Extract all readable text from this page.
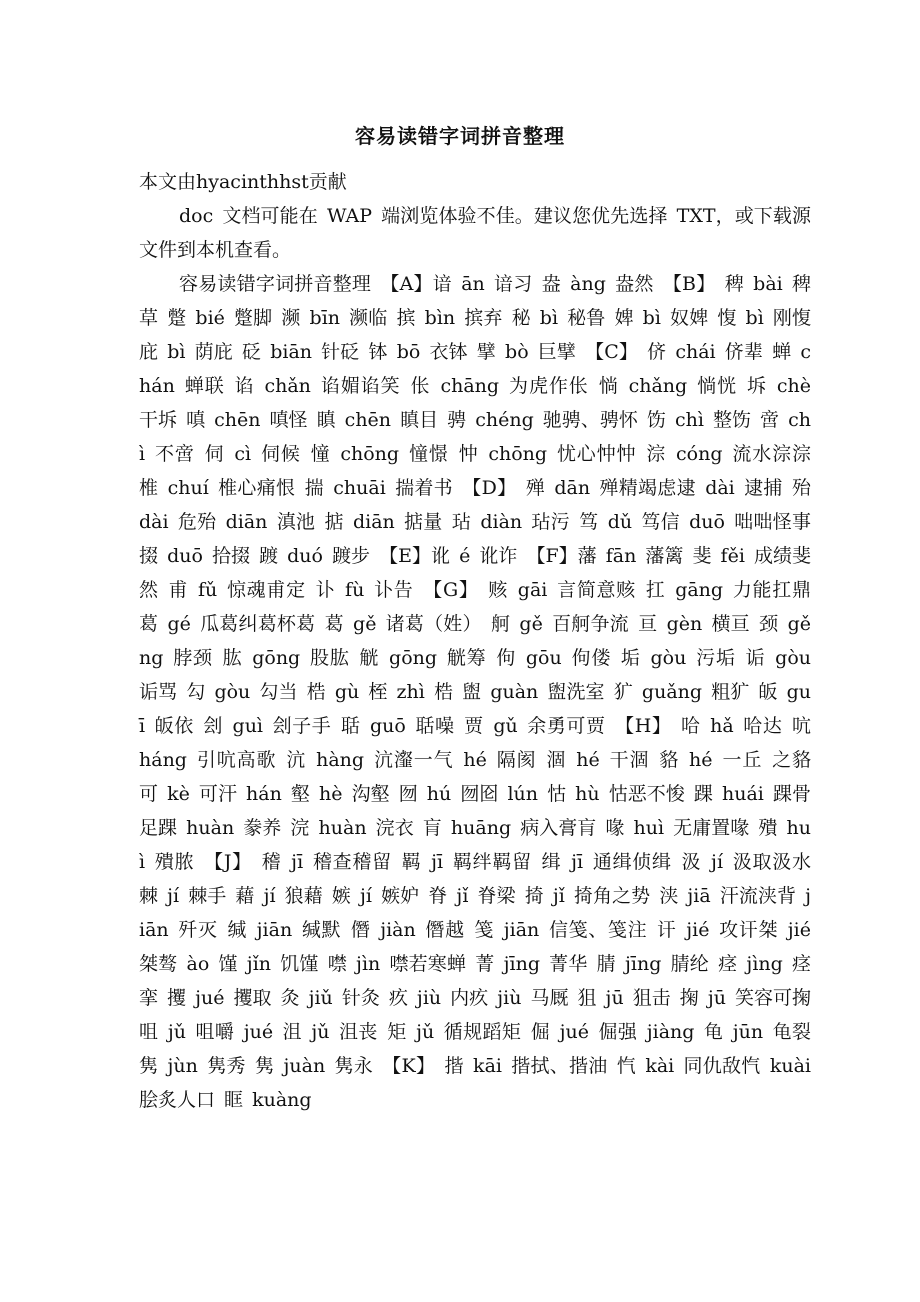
容易读错字词拼音整理

本文由hyacinthhst贡献

doc 文档可能在 WAP 端浏览体验不佳。建议您优先选择 TXT，或下载源文件到本机查看。

容易读错字词拼音整理 【A】谙 ān 谙习 盎 àng 盎然 【B】 稗 bài 稗草 蹩 bié 蹩脚 濒 bīn 濒临 摈 bìn 摈弃 秘 bì 秘鲁 婢 bì 奴婢 愎 bì 刚愎 庇 bì 荫庇 砭 biān 针砭 钵 bō 衣钵 擘 bò 巨擘 【C】 侪 chái 侪辈 蝉 chán 蝉联 谄 chǎn 谄媚谄笑 伥 chāng 为虎作伥 惝 chǎng 惝恍 坼 chè 干坼 嗔 chēn 嗔怪 瞋 chēn 瞋目 骋 chéng 驰骋、骋怀 饬 chì 整饬 啻 chì 不啻 伺 cì 伺候 憧 chōng 憧憬 忡 chōng 忧心忡忡 淙 cóng 流水淙淙 椎 chuí 椎心痛恨 揣 chuāi 揣着书 【D】 殚 dān 殚精竭虑逮 dài 逮捕 殆 dài 危殆 diān 滇池 掂 diān 掂量 玷 diàn 玷污 笃 dǔ 笃信 duō 咄咄怪事 掇 duō 拾掇 踱 duó 踱步 【E】讹 é 讹诈 【F】藩 fān 藩篱 斐 fěi 成绩斐然 甫 fǔ 惊魂甫定 讣 fù 讣告 【G】 赅 gāi 言简意赅 扛 gāng 力能扛鼎 葛 gé 瓜葛纠葛杯葛 葛 gě 诸葛（姓） 舸 gě 百舸争流 亘 gèn 横亘 颈 gěng 脖颈 肱 gōng 股肱 觥 gōng 觥筹 佝 gōu 佝偻 垢 gòu 污垢 诟 gòu 诟骂 勾 gòu 勾当 梏 gù 桎 zhì 梏 盥 guàn 盥洗室 犷 guǎng 粗犷 皈 guī 皈依 刽 guì 刽子手 聒 guō 聒噪 贾 gǔ 余勇可贾 【H】 哈 hǎ 哈达 吭 háng 引吭高歌 沆 hàng 沆瀣一气 hé 隔阂 涸 hé 干涸 貉 hé 一丘 之貉 可 kè 可汗 hán 壑 hè 沟壑 囫 hú 囫囵 lún 怙 hù 怙恶不悛 踝 huái 踝骨足踝 huàn 豢养 浣 huàn 浣衣 肓 huāng 病入膏肓 喙 huì 无庸置喙 殨 huì 殨脓 【J】 稽 jī 稽查稽留 羁 jī 羁绊羁留 缉 jī 通缉侦缉 汲 jí 汲取汲水 棘 jí 棘手 藉 jí 狼藉 嫉 jí 嫉妒 脊 jǐ 脊梁 掎 jǐ 掎角之势 浃 jiā 汗流浃背 jiān 歼灭 缄 jiān 缄默 僭 jiàn 僭越 笺 jiān 信笺、笺注 讦 jié 攻讦桀 jié 桀骜 ào 馑 jǐn 饥馑 噤 jìn 噤若寒蝉 菁 jīng 菁华 腈 jīng 腈纶 痉 jìng 痉挛 攫 jué 攫取 灸 jiǔ 针灸 疚 jiù 内疚 jiù 马厩 狙 jū 狙击 掬 jū 笑容可掬 咀 jǔ 咀嚼 jué 沮 jǔ 沮丧 矩 jǔ 循规蹈矩 倔 jué 倔强 jiàng 龟 jūn 龟裂 隽 jùn 隽秀 隽 juàn 隽永 【K】 揩 kāi 揩拭、揩油 忾 kài 同仇敌忾 kuài 脍炙人口 眶 kuàng
